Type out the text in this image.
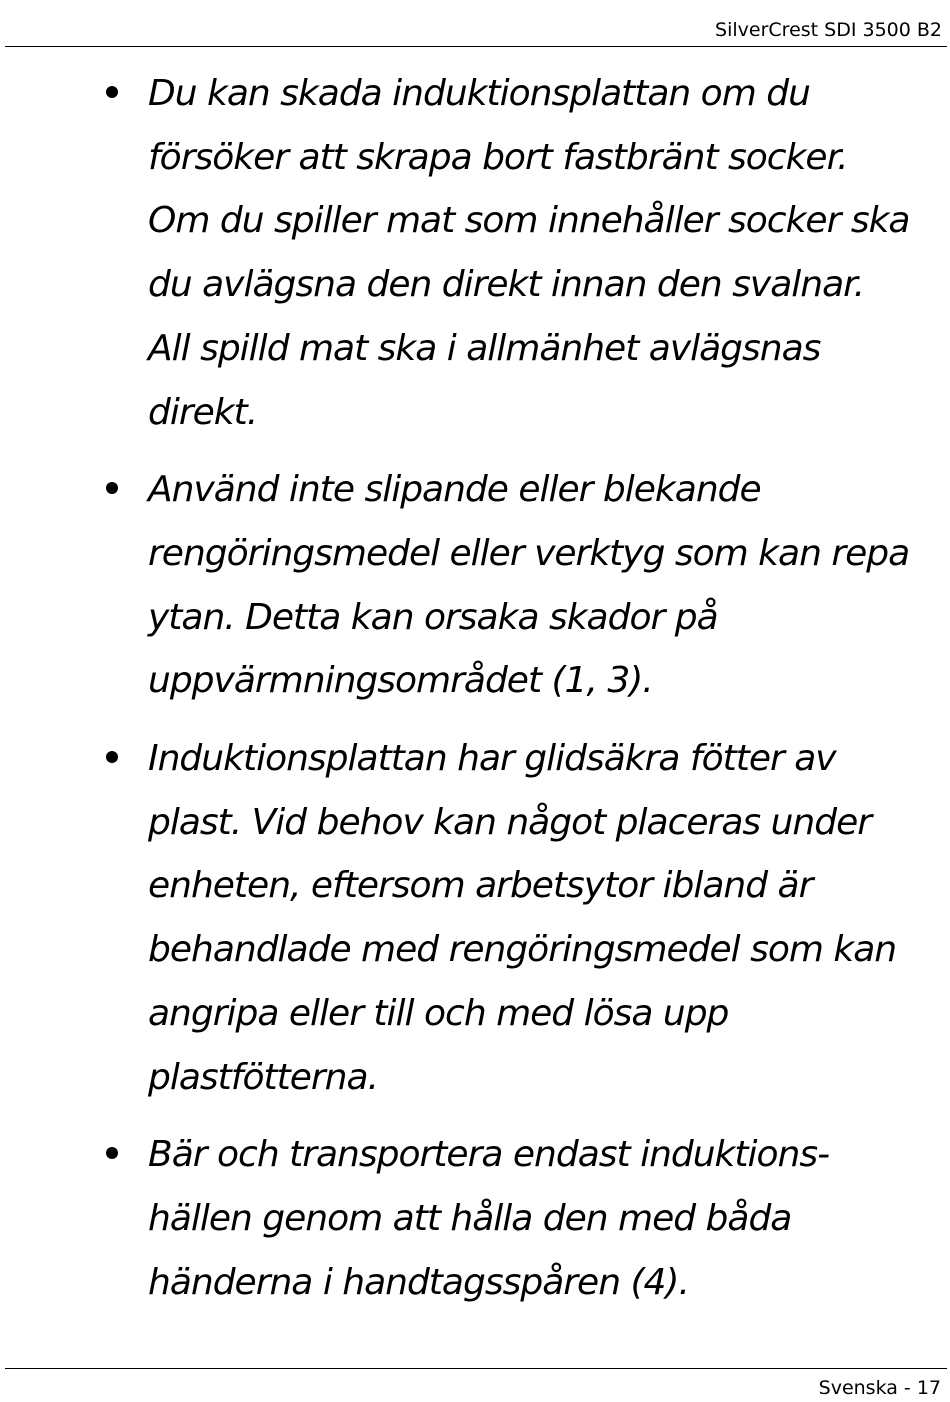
SilverCrest SDI 3500 B2

Du kan skada induktionsplattan om du
försöker att skrapa bort fastbränt socker.
Om du spiller mat som innehåller socker ska
du avlägsna den direkt innan den svalnar.
All spilld mat ska i allmänhet avlägsnas
direkt.

Använd inte slipande eller blekande
rengöringsmedel eller verktyg som kan repa
ytan. Detta kan orsaka skador på
uppvärmningsområdet (1, 3).

Induktionsplattan har glidsäkra fötter av
plast. Vid behov kan något placeras under
enheten, eftersom arbetsytor ibland är
behandlade med rengöringsmedel som kan
angripa eller till och med lösa upp
plastfötterna.

Bär och transportera endast induktions-
hällen genom att hålla den med båda
händerna i handtagsspåren (4).

Svenska - 17
